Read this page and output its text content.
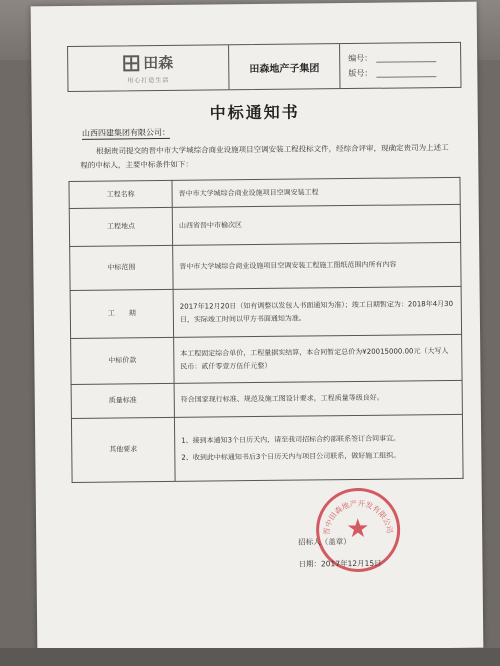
田森
用心打造生活
田森地产子集团
编号：
版号：
中标通知书
山西四建集团有限公司：
根据贵司提交的晋中市大学城综合商业设施项目空调安装工程投标文件，经综合评审，现确定贵司为上述工程的中标人，主要中标条件如下：
工程名称	晋中市大学城综合商业设施项目空调安装工程
工程地点	山西省晋中市榆次区
中标范围	晋中市大学城综合商业设施项目空调安装工程施工图纸范围内所有内容
工　　期	2017年12月20日（如有调整以发包人书面通知为准）；竣工日期暂定为：2018年4月30日，实际竣工时间以甲方书面通知为准。
中标价款	本工程固定综合单价，工程量据实结算，本合同暂定总价为¥20015000.00元（大写人民币：贰仟零壹万伍仟元整）
质量标准	符合国家现行标准、规范及施工图设计要求，工程质量等级良好。
其他要求	1、接到本通知3个日历天内，请至我司招标合约部联系签订合同事宜。
2、收到此中标通知书后3个日历天内与项目公司联系，做好施工组织。
★
晋中田森地产开发有限公司
招标人（盖章）
日期：2017年12月15日
